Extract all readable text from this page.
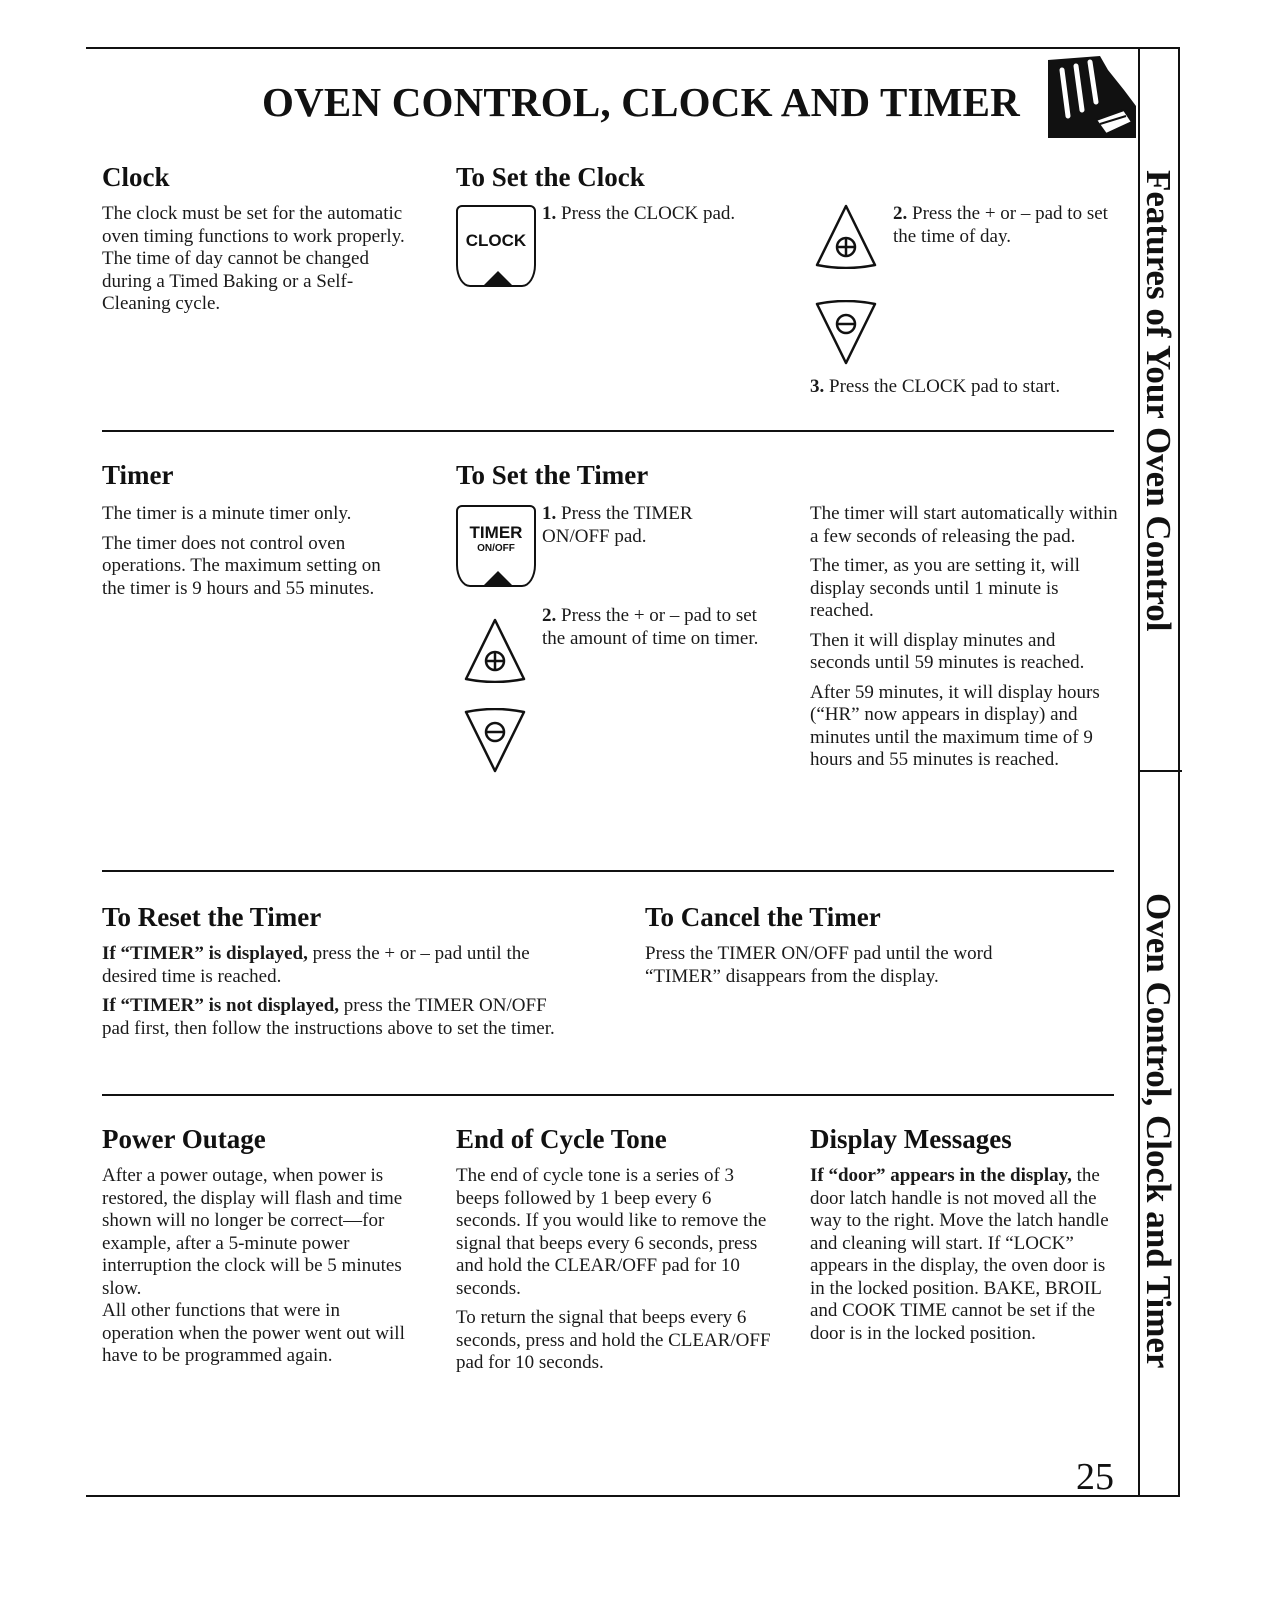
Features of Your Oven Control
Oven Control, Clock and Timer
OVEN CONTROL, CLOCK AND TIMER
Clock

The clock must be set for the automatic oven timing functions to work properly. The time of day cannot be changed during a Timed Baking or a Self-Cleaning cycle.

To Set the Clock
CLOCK
1. Press the CLOCK pad.	2. Press the + or – pad to set the time of day.
3. Press the CLOCK pad to start.
Timer

The timer is a minute timer only.

The timer does not control oven operations. The maximum setting on the timer is 9 hours and 55 minutes.

To Set the Timer
TIMER
ON/OFF
1. Press the TIMER ON/OFF pad.
2. Press the + or – pad to set the amount of time on timer.

The timer will start automatically within a few seconds of releasing the pad.

The timer, as you are setting it, will display seconds until 1 minute is reached.

Then it will display minutes and seconds until 59 minutes is reached.

After 59 minutes, it will display hours (“HR” now appears in display) and minutes until the maximum time of 9 hours and 55 minutes is reached.

To Reset the Timer

If “TIMER” is displayed, press the + or – pad until the desired time is reached.

If “TIMER” is not displayed, press the TIMER ON/OFF pad first, then follow the instructions above to set the timer.

To Cancel the Timer

Press the TIMER ON/OFF pad until the word “TIMER” disappears from the display.

Power Outage

After a power outage, when power is restored, the display will flash and time shown will no longer be correct—for example, after a 5-minute power interruption the clock will be 5 minutes slow.

All other functions that were in operation when the power went out will have to be programmed again.

End of Cycle Tone

The end of cycle tone is a series of 3 beeps followed by 1 beep every 6 seconds. If you would like to remove the signal that beeps every 6 seconds, press and hold the CLEAR/OFF pad for 10 seconds.

To return the signal that beeps every 6 seconds, press and hold the CLEAR/OFF pad for 10 seconds.

Display Messages

If “door” appears in the display, the door latch handle is not moved all the way to the right. Move the latch handle and cleaning will start. If “LOCK” appears in the display, the oven door is in the locked position. BAKE, BROIL and COOK TIME cannot be set if the door is in the locked position.

25
